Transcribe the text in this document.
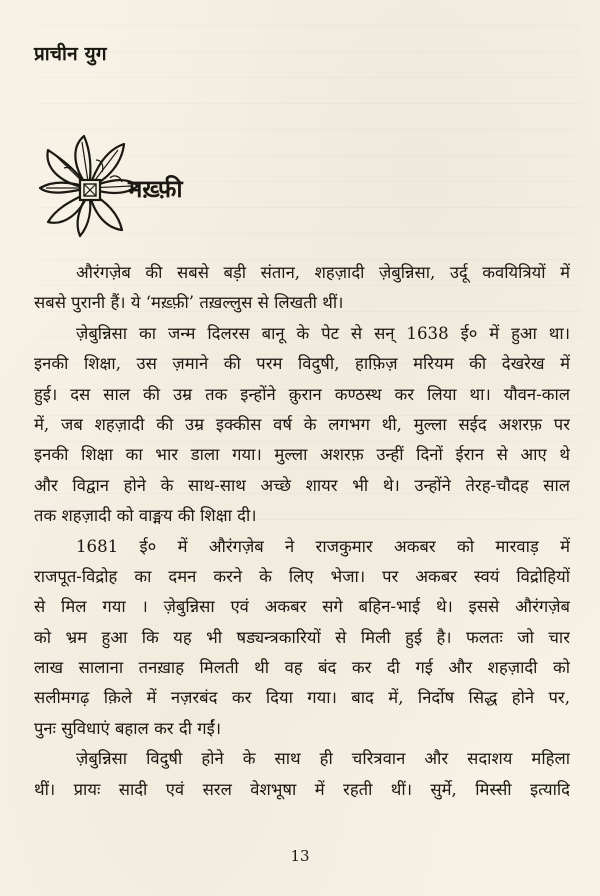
प्राचीन युग
मख़्फ़ी
औरंगज़ेब की सबसे बड़ी संतान, शहज़ादी ज़ेबुन्निसा, उर्दू कवयित्रियों में
सबसे पुरानी हैं। ये ‘मख़्फ़ी’ तख़ल्लुस से लिखती थीं।
ज़ेबुन्निसा का जन्म दिलरस बानू के पेट से सन् 1638 ई० में हुआ था।
इनकी शिक्षा, उस ज़माने की परम विदुषी, हाफ़िज़ मरियम की देखरेख में
हुई। दस साल की उम्र तक इन्होंने क़ुरान कण्ठस्थ कर लिया था। यौवन-काल
में, जब शहज़ादी की उम्र इक्कीस वर्ष के लगभग थी, मुल्ला सईद अशरफ़ पर
इनकी शिक्षा का भार डाला गया। मुल्ला अशरफ़ उन्हीं दिनों ईरान से आए थे
और विद्वान होने के साथ-साथ अच्छे शायर भी थे। उन्होंने तेरह-चौदह साल
तक शहज़ादी को वाङ्मय की शिक्षा दी।
1681 ई० में औरंगज़ेब ने राजकुमार अकबर को मारवाड़ में
राजपूत-विद्रोह का दमन करने के लिए भेजा। पर अकबर स्वयं विद्रोहियों
से मिल गया । ज़ेबुन्निसा एवं अकबर सगे बहिन-भाई थे। इससे औरंगज़ेब
को भ्रम हुआ कि यह भी षड्यन्त्रकारियों से मिली हुई है। फलतः जो चार
लाख सालाना तनख़ाह मिलती थी वह बंद कर दी गई और शहज़ादी को
सलीमगढ़ क़िले में नज़रबंद कर दिया गया। बाद में, निर्दोष सिद्ध होने पर,
पुनः सुविधाएं बहाल कर दी गईं।
ज़ेबुन्निसा विदुषी होने के साथ ही चरित्रवान और सदाशय महिला
थीं। प्रायः सादी एवं सरल वेशभूषा में रहती थीं। सुर्मे, मिस्सी इत्यादि
13
